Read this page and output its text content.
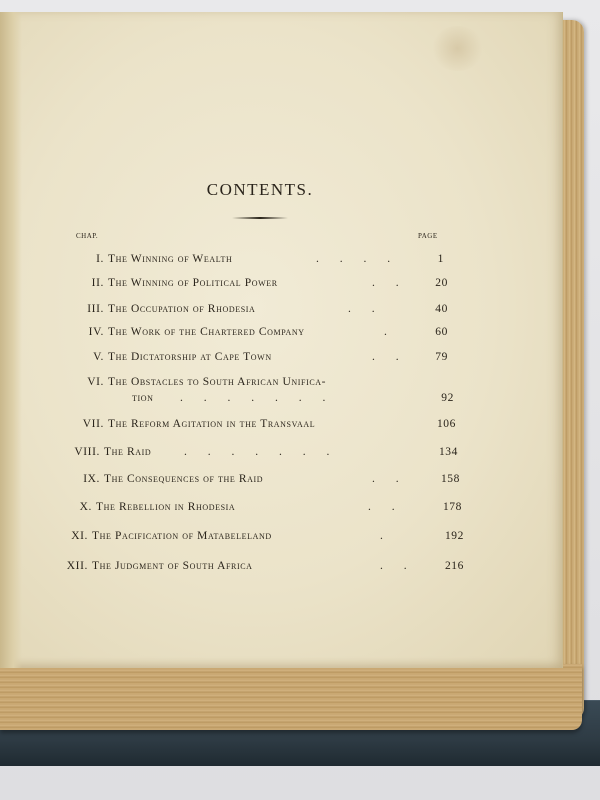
CONTENTS.
CHAP.	PAGE
I. The Winning of Wealth	. . . .	1
II. The Winning of Political Power	. .	20
III. The Occupation of Rhodesia	. .	40
IV. The Work of the Chartered Company	.	60
V. The Dictatorship at Cape Town	. .	79
VI. The Obstacles to South African Unifica-
tion . . . . . . .	92
VII. The Reform Agitation in the Transvaal	106
VIII. The Raid	. . . . . . .	134
IX. The Consequences of the Raid	. .	158
X. The Rebellion in Rhodesia	. .	178
XI. The Pacification of Matabeleland	.	192
XII. The Judgment of South Africa	. .	216
